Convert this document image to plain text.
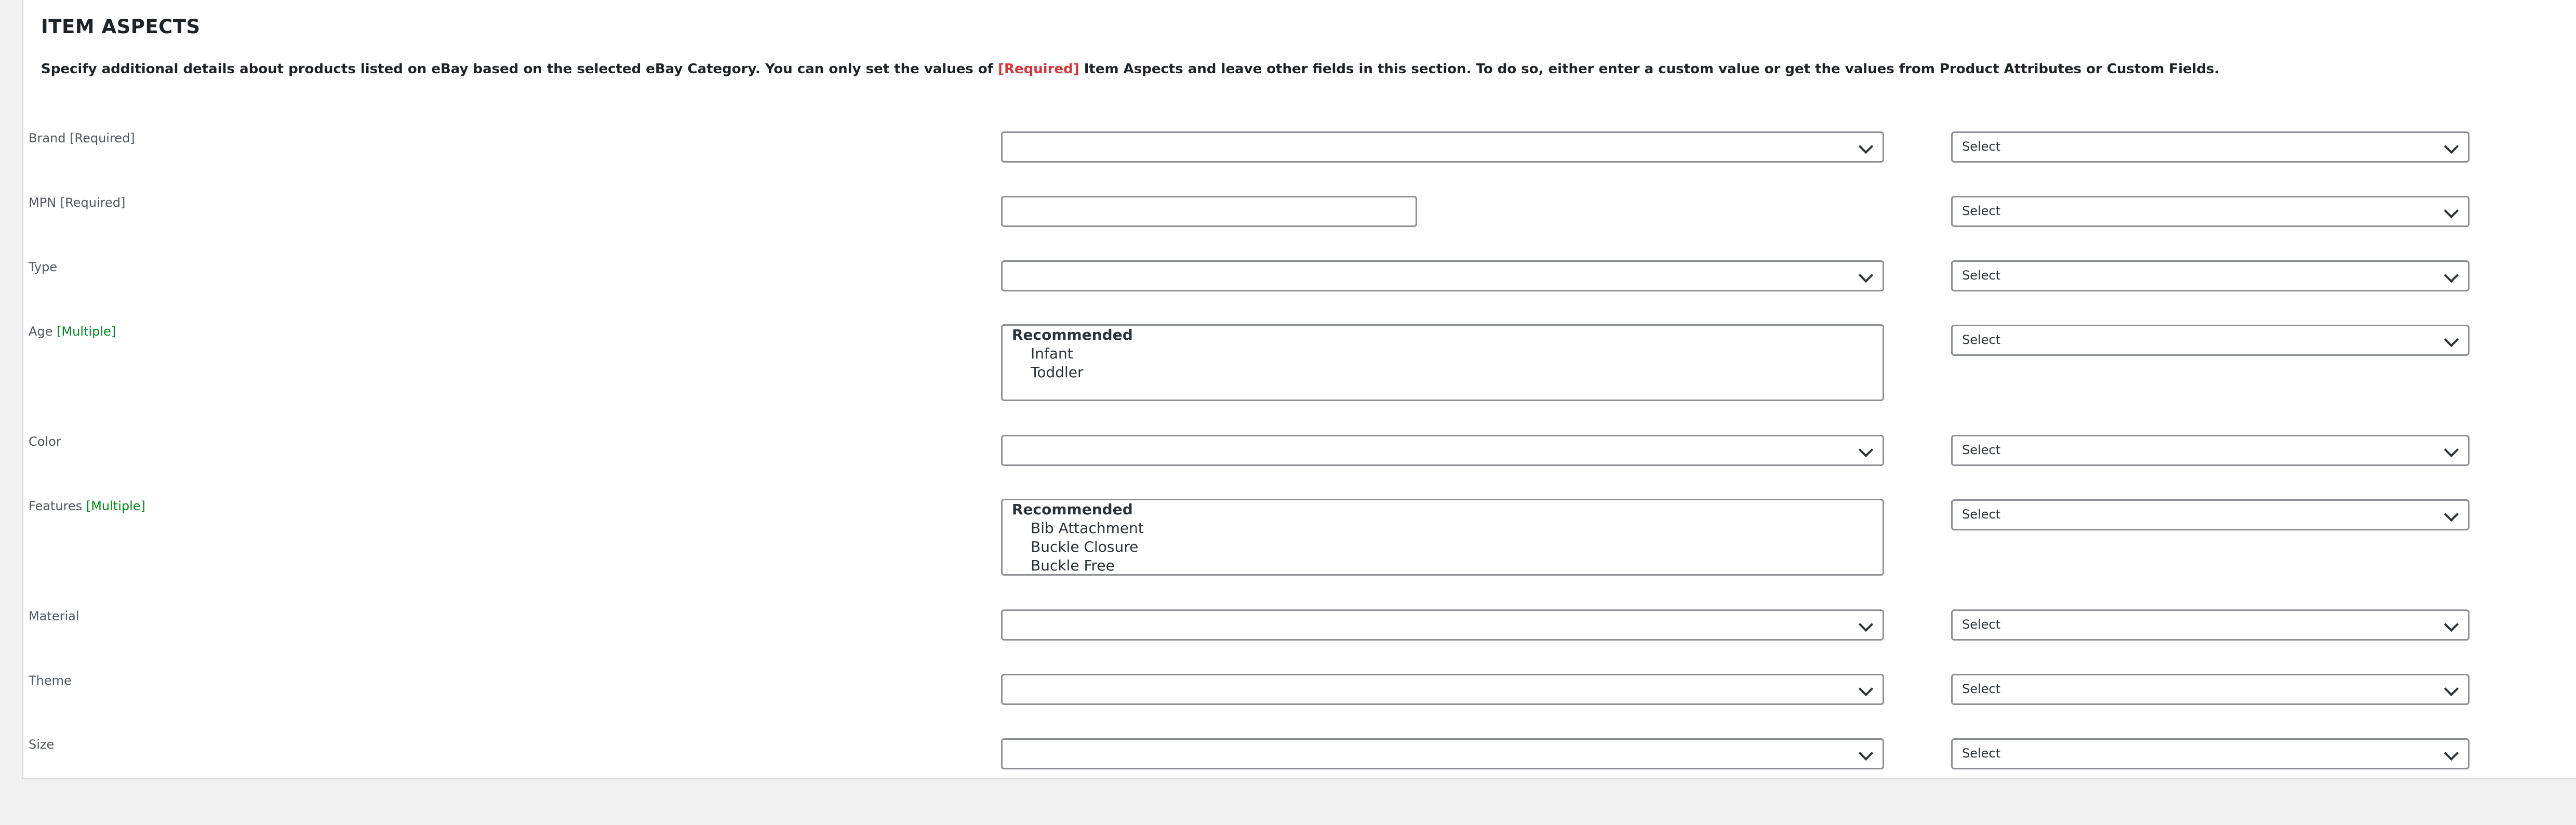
ITEM ASPECTS
Specify additional details about products listed on eBay based on the selected eBay Category. You can only set the values of [Required] Item Aspects and leave other fields in this section. To do so, either enter a custom value or get the values from Product Attributes or Custom Fields.
Brand [Required]
Select
MPN [Required]
Select
Type
Select
Age [Multiple]	Recommended
Infant
Toddler
Select
Color
Select
Features [Multiple]	Recommended
Bib Attachment
Buckle Closure
Buckle Free
Select
Material
Select
Theme
Select
Size
Select
